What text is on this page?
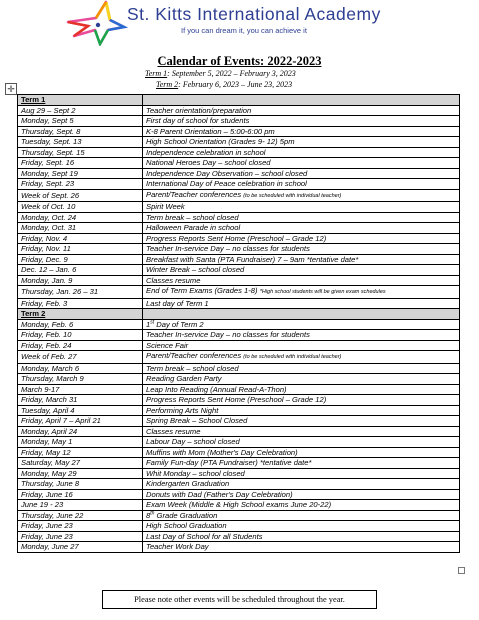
St. Kitts International Academy
If you can dream it, you can achieve it
Calendar of Events: 2022-2023
Term 1: September 5, 2022 – February 3, 2023
Term 2: February 6, 2023 – June 23, 2023
✛
Term 1	
Aug 29 – Sept 2	Teacher orientation/preparation
Monday, Sept 5	First day of school for students
Thursday, Sept. 8	K-8 Parent Orientation – 5:00-6:00 pm
Tuesday, Sept. 13	High School Orientation (Grades 9- 12) 5pm
Thursday, Sept. 15	Independence celebration in school
Friday, Sept. 16	National Heroes Day – school closed
Monday, Sept 19	Independence Day Observation – school closed
Friday, Sept. 23	International Day of Peace celebration in school
Week of Sept. 26	Parent/Teacher conferences (to be scheduled with individual teacher)
Week of Oct. 10	Spirit Week
Monday, Oct. 24	Term break – school closed
Monday, Oct. 31	Halloween Parade in school
Friday, Nov. 4	Progress Reports Sent Home (Preschool – Grade 12)
Friday, Nov. 11	Teacher In-service Day – no classes for students
Friday, Dec. 9	Breakfast with Santa (PTA Fundraiser) 7 – 9am *tentative date*
Dec. 12 – Jan. 6	Winter Break – school closed
Monday, Jan. 9	Classes resume
Thursday, Jan. 26 – 31	End of Term Exams (Grades 1-8) *High school students will be given exam schedules
Friday, Feb. 3	Last day of Term 1
Term 2	
Monday, Feb. 6	1st Day of Term 2
Friday, Feb. 10	Teacher In-service Day – no classes for students
Friday, Feb. 24	Science Fair
Week of Feb. 27	Parent/Teacher conferences (to be scheduled with individual teacher)
Monday, March 6	Term break – school closed
Thursday, March 9	Reading Garden Party
March 9-17	Leap Into Reading (Annual Read-A-Thon)
Friday, March 31	Progress Reports Sent Home (Preschool – Grade 12)
Tuesday, April 4	Performing Arts Night
Friday, April 7 – April 21	Spring Break – School Closed
Monday, April 24	Classes resume
Monday, May 1	Labour Day – school closed
Friday, May 12	Muffins with Mom (Mother's Day Celebration)
Saturday, May 27	Family Fun-day (PTA Fundraiser) *tentative date*
Monday, May 29	Whit Monday – school closed
Thursday, June 8	Kindergarten Graduation
Friday, June 16	Donuts with Dad (Father's Day Celebration)
June 19 - 23	Exam Week (Middle & High School exams June 20-22)
Thursday, June 22	8th Grade Graduation
Friday, June 23	High School Graduation
Friday, June 23	Last Day of School for all Students
Monday, June 27	Teacher Work Day
Please note other events will be scheduled throughout the year.
